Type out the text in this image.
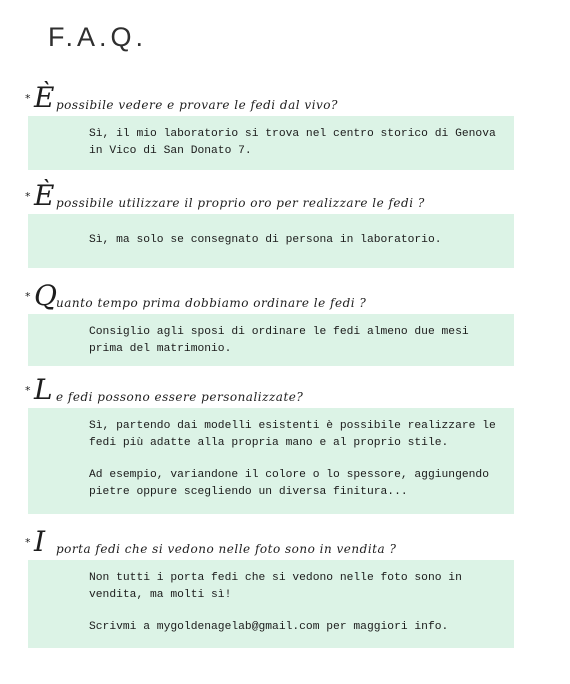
F.A.Q.
* È possibile vedere e provare le fedi dal vivo?

Sì, il mio laboratorio si trova nel centro storico di Genova in Vico di San Donato 7.

* È possibile utilizzare il proprio oro per realizzare le fedi ?

Sì, ma solo se consegnato di persona in laboratorio.

* Q
uanto tempo prima dobbiamo ordinare le fedi ?

Consiglio agli sposi di ordinare le fedi almeno due mesi prima del matrimonio.

* L e fedi possono essere personalizzate?

Sì, partendo dai modelli esistenti è possibile realizzare le fedi più adatte alla propria mano e al proprio stile.

Ad esempio, variandone il colore o lo spessore, aggiungendo pietre oppure scegliendo un diversa finitura...

* I porta fedi che si vedono nelle foto sono in vendita ?

Non tutti i porta fedi che si vedono nelle foto sono in vendita, ma molti sì!

Scrivmi a mygoldenagelab@gmail.com per maggiori info.
